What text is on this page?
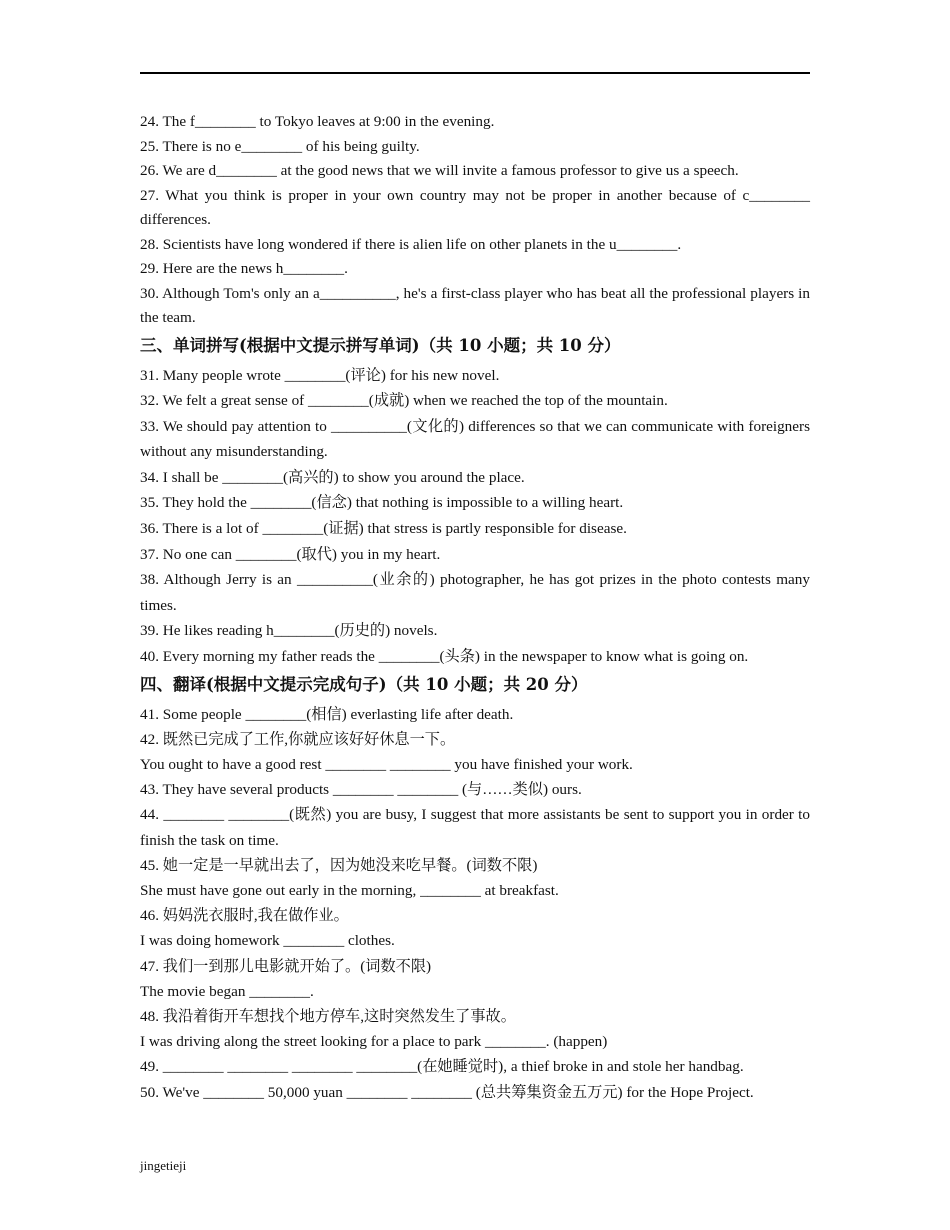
24. The f________ to Tokyo leaves at 9:00 in the evening.
25. There is no e________ of his being guilty.
26. We are d________ at the good news that we will invite a famous professor to give us a speech.
27. What you think is proper in your own country may not be proper in another because of c________ differences.
28. Scientists have long wondered if there is alien life on other planets in the u________.
29. Here are the news h________.
30. Although Tom's only an a__________, he's a first-class player who has beat all the professional players in the team.
三、单词拼写(根据中文提示拼写单词)（共 10 小题；共 10 分）
31. Many people wrote ________(评论) for his new novel.
32. We felt a great sense of ________(成就) when we reached the top of the mountain.
33. We should pay attention to __________(文化的) differences so that we can communicate with foreigners without any misunderstanding.
34. I shall be ________(高兴的) to show you around the place.
35. They hold the ________(信念) that nothing is impossible to a willing heart.
36. There is a lot of ________(证据) that stress is partly responsible for disease.
37. No one can ________(取代) you in my heart.
38. Although Jerry is an __________(业余的) photographer, he has got prizes in the photo contests many times.
39. He likes reading h________(历史的) novels.
40. Every morning my father reads the ________(头条) in the newspaper to know what is going on.
四、翻译(根据中文提示完成句子)（共 10 小题；共 20 分）
41. Some people ________(相信) everlasting life after death.
42. 既然已完成了工作,你就应该好好休息一下。
You ought to have a good rest ________ ________ you have finished your work.
43. They have several products ________ ________ (与……类似) ours.
44. ________ ________(既然) you are busy, I suggest that more assistants be sent to support you in order to finish the task on time.
45. 她一定是一早就出去了，因为她没来吃早餐。(词数不限)
She must have gone out early in the morning, ________ at breakfast.
46. 妈妈洗衣服时,我在做作业。
I was doing homework ________ clothes.
47. 我们一到那儿电影就开始了。(词数不限)
The movie began ________.
48. 我沿着街开车想找个地方停车,这时突然发生了事故。
I was driving along the street looking for a place to park ________. (happen)
49. ________ ________ ________ ________(在她睡觉时), a thief broke in and stole her handbag.
50. We've ________ 50,000 yuan ________ ________ (总共筹集资金五万元) for the Hope Project.
jingetieji
